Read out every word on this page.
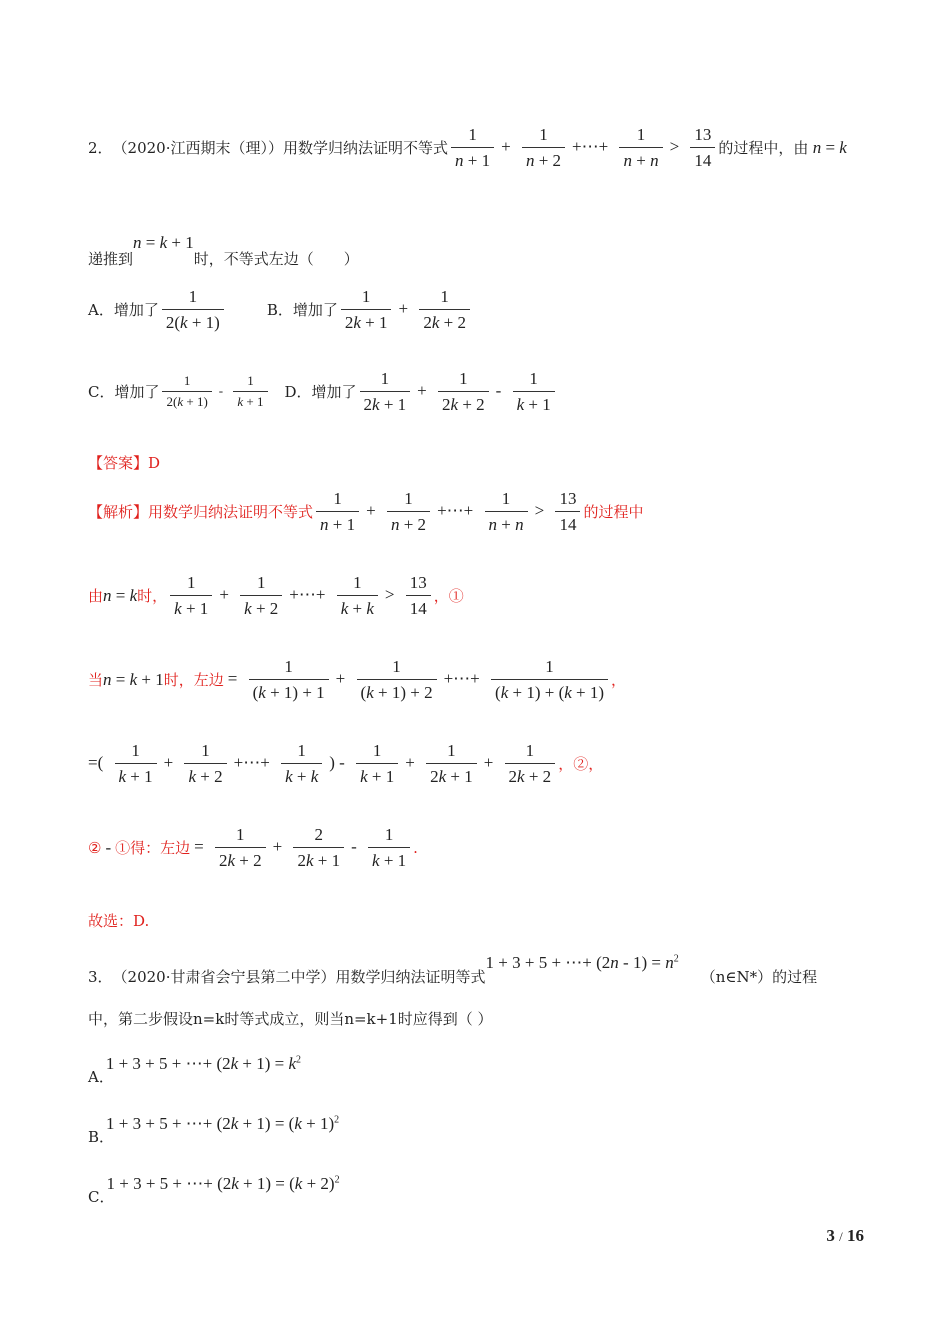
2． （2020·江西期末（理）） 用数学归纳法证明不等式 $\frac{1}{n + 1} + \frac{1}{n + 2}$ +⋯+ $\frac{1}{n + n} > \frac{13}{14}$ 的过程中，由 n = k
递推到
n = k + 1
时，不等式左边（　　）
A．增加了 $\frac{1}{2(k + 1)}$	B．增加了 $\frac{1}{2k + 1} + \frac{1}{2k + 2}$
C．增加了 $\frac{1}{2(k + 1)} - \frac{1}{k + 1}$ D．增加了 $\frac{1}{2k + 1} + \frac{1}{2k + 2} - \frac{1}{k + 1}$
【答案】D
【解析】 用数学归纳法证明不等式 $\frac{1}{n + 1} + \frac{1}{n + 2}$ +⋯+ $\frac{1}{n + n} > \frac{13}{14}$ 的过程中
由 n = k 时， $\frac{1}{k + 1} + \frac{1}{k + 2}$ +⋯+ $\frac{1}{k + k} > \frac{13}{14}$ ，①
当 n = k + 1 时，左边 = $\frac{1}{(k + 1) + 1} + \frac{1}{(k + 1) + 2}$ +⋯+ $\frac{1}{(k + 1) + (k + 1)}$ ，
=( $\frac{1}{k + 1} + \frac{1}{k + 2}$ +⋯+ $\frac{1}{k + k}$ ) - $\frac{1}{k + 1} + \frac{1}{2k + 1} + \frac{1}{2k + 2}$ ，②，
② - ①得：左边 = $\frac{1}{2k + 2} + \frac{2}{2k + 1} - \frac{1}{k + 1}$ .
故选：D.
3． （2020·甘肃省会宁县第二中学） 用数学归纳法证明等式
1 + 3 + 5 + ⋯+ $(2n - 1) = n^2$
（n∈N*）的过程
中，第二步假设n=k时等式成立，则当n=k+1时应得到（ ）
A．
1 + 3 + 5 + ⋯+ $(2k + 1) = k^2$
B．
1 + 3 + 5 + ⋯+ $(2k + 1) = (k + 1)^2$
C．
1 + 3 + 5 + ⋯+ $(2k + 1) = (k + 2)^2$
3 / 16
